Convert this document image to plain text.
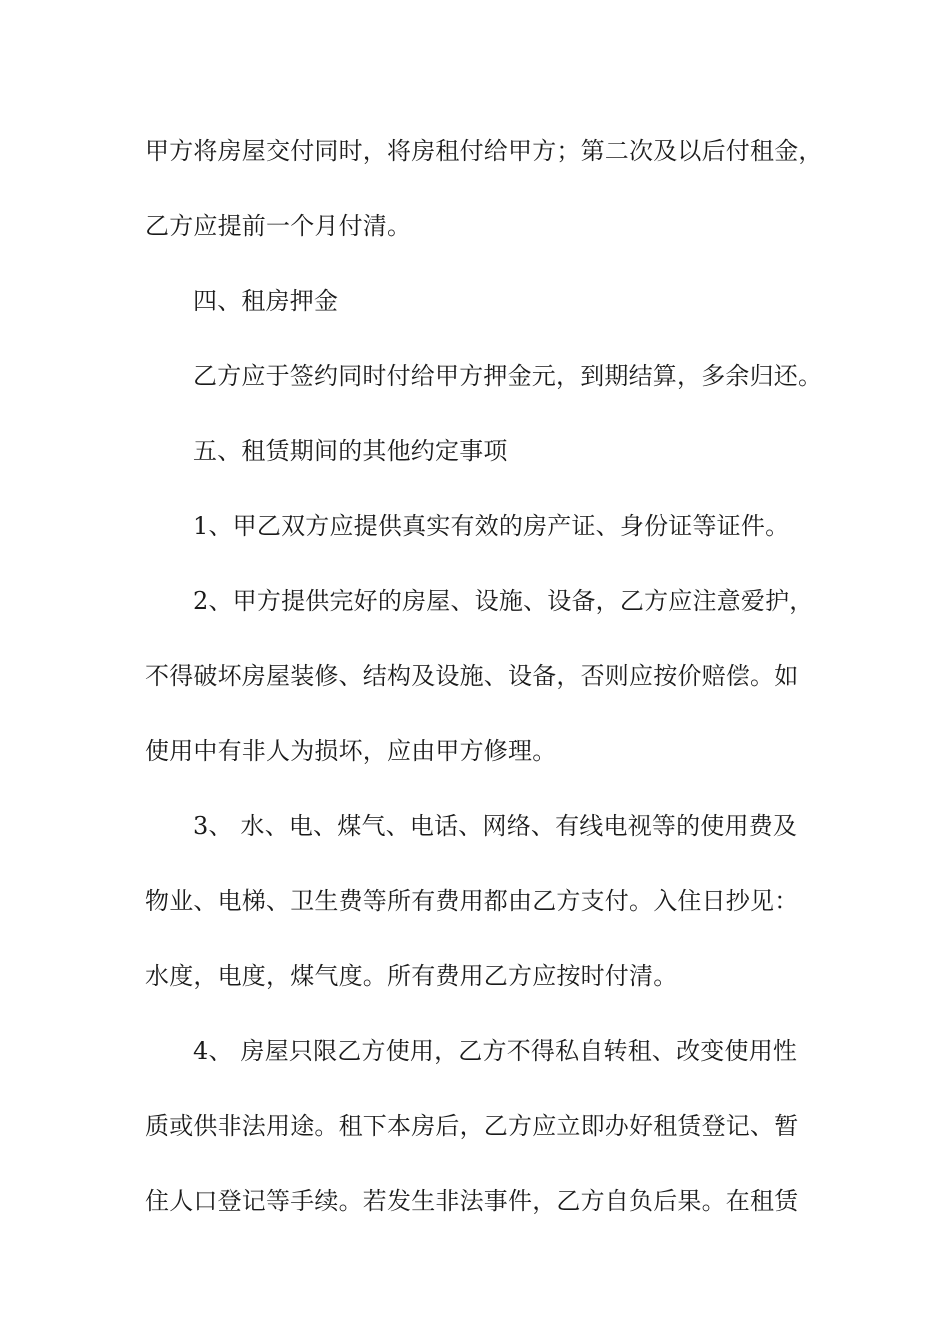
甲方将房屋交付同时，将房租付给甲方；第二次及以后付租金，
乙方应提前一个月付清。
四、租房押金
乙方应于签约同时付给甲方押金元，到期结算，多余归还。
五、租赁期间的其他约定事项
1、甲乙双方应提供真实有效的房产证、身份证等证件。
2、甲方提供完好的房屋、设施、设备，乙方应注意爱护，
不得破坏房屋装修、结构及设施、设备，否则应按价赔偿。如
使用中有非人为损坏，应由甲方修理。
3、 水、电、煤气、电话、网络、有线电视等的使用费及
物业、电梯、卫生费等所有费用都由乙方支付。入住日抄见：
水度，电度，煤气度。所有费用乙方应按时付清。
4、 房屋只限乙方使用，乙方不得私自转租、改变使用性
质或供非法用途。租下本房后，乙方应立即办好租赁登记、暂
住人口登记等手续。若发生非法事件，乙方自负后果。在租赁
